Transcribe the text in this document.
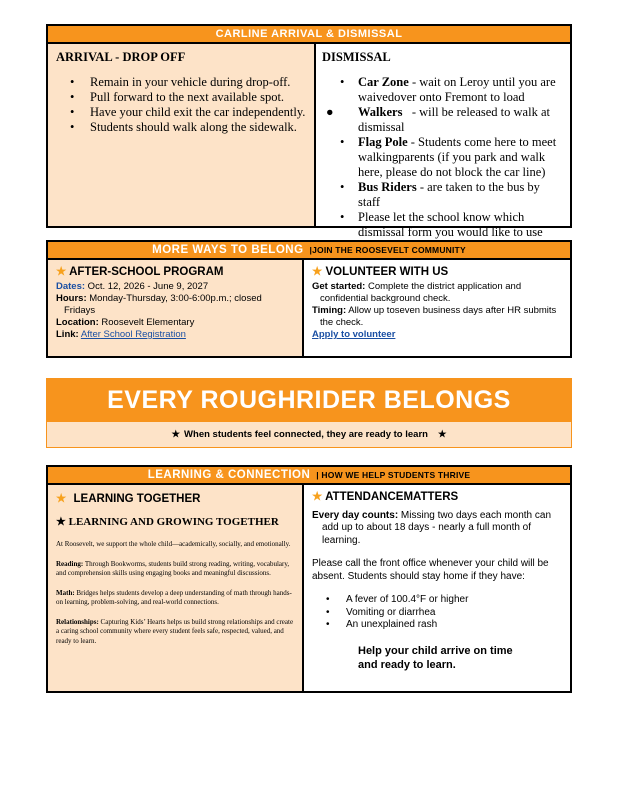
CARLINE ARRIVAL & DISMISSAL
ARRIVAL - DROP OFF
• Remain in your vehicle during drop-off.
• Pull forward to the next available spot.
• Have your child exit the car independently.
• Students should walk along the sidewalk.
DISMISSAL
• Car Zone - wait on Leroy until you are waivedover onto Fremont to load
● Walkers   - will be released to walk at dismissal
• Flag Pole - Students come here to meet walkingparents (if you park and walk here, please do not block the car line)
• Bus Riders - are taken to the bus by staff
• Please let the school know which dismissal form you would like to use
MORE WAYS TO BELONG |JOIN THE ROOSEVELT COMMUNITY
★ AFTER-SCHOOL PROGRAM
Dates: Oct. 12, 2026 - June 9, 2027
Hours: Monday-Thursday, 3:00-6:00p.m.; closed Fridays
Location: Roosevelt Elementary
Link: After School Registration
★ VOLUNTEER WITH US
Get started: Complete the district application and confidential background check.
Timing: Allow up toseven business days after HR submits the check.
Apply to volunteer
EVERY ROUGHRIDER BELONGS
★ When students feel connected, they are ready to learn ★
LEARNING & CONNECTION | HOW WE HELP STUDENTS THRIVE
★ LEARNING TOGETHER
★ LEARNING AND GROWING TOGETHER

At Roosevelt, we support the whole child—academically, socially, and emotionally.

Reading: Through Bookworms, students build strong reading, writing, vocabulary, and comprehension skills using engaging books and meaningful discussions.

Math: Bridges helps students develop a deep understanding of math through hands-on learning, problem-solving, and real-world connections.

Relationships: Capturing Kids’ Hearts helps us build strong relationships and create a caring school community where every student feels safe, respected, valued, and ready to learn.

★ ATTENDANCEMATTERS
Every day counts: Missing two days each month can add up to about 18 days - nearly a full month of learning.
Please call the front office whenever your child will be absent. Students should stay home if they have:
• A fever of 100.4°F or higher
• Vomiting or diarrhea
• An unexplained rash
Help your child arrive on time and ready to learn.
